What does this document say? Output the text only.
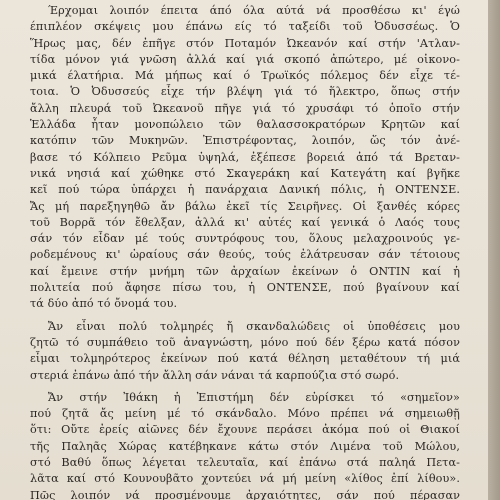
Έρχομαι λοιπόν έπειτα άπό όλα αύτά νά προσθέσω κι' έγώ
έπιπλέον σκέψεις μου έπάνω είς τό ταξείδι τοῦ Ὀδυσσέως. Ὁ
Ἥρως μας, δέν ἐπῆγε στόν Ποταμόν Ὠκεανόν καί στήν 'Ατλαν-
τίδα μόνον γιά γνῶση ἀλλά καί γιά σκοπό ἀπώτερο, μέ οἰκονο-
μικά έλατήρια. Μά μήπως καί ό Τρωϊκός πόλεμος δέν εἶχε τέ-
τοια. Ὁ Ὀδυσσεύς εἶχε τήν βλέψη γιά τό ἥλεκτρο, ὅπως στήν
ἄλλη πλευρά τοῦ Ὠκεανοῦ πῆγε γιά τό χρυσάφι τό ὁποῖο στήν
Ἑλλάδα ἦταν μονοπώλειο τῶν θαλασσοκρατόρων Κρητῶν καί
κατόπιν τῶν Μυκηνῶν. Ἐπιστρέφοντας, λοιπόν, ὥς τόν ἀνέ-
βασε τό Κόλπειο Ρεῦμα ὑψηλά, ἐξέπεσε βορειά ἀπό τά Βρεταν-
νικά νησιά καί χώθηκε στό Σκαγεράκη καί Κατεγάτη καί βγῆκε
κεῖ πού τώρα ὑπάρχει ἡ πανάρχαια Δανική πόλις, ἡ ΟΝΤΕΝΣΕ.
Ἄς μή παρεξηγηθῶ ἄν βάλω ἐκεῖ τίς Σειρῆνες. Οἱ ξανθές κόρες
τοῦ Βορρᾶ τόν ἔθελξαν, ἀλλά κι' αὐτές καί γενικά ὁ Λαός τους
σάν τόν εἶδαν μέ τούς συντρόφους του, ὅλους μελαχροινούς γε-
ροδεμένους κι' ὡραίους σάν θεούς, τούς ἐλάτρευσαν σάν τέτοιους
καί ἔμεινε στήν μνήμη τῶν ἀρχαίων ἐκείνων ὁ ΟΝΤΙΝ καί ἡ
πολιτεία πού ἄφησε πίσω του, ἡ ΟΝΤΕΝΣΕ, πού βγαίνουν καί
τά δύο ἀπό τό ὄνομά του.
Ἄν εἶναι πολύ τολμηρές ἤ σκανδαλώδεις οἱ ὑποθέσεις μου
ζητῶ τό συμπάθειο τοῦ ἀναγνώστη, μόνο πού δέν ξέρω κατά πόσον
εἶμαι τολμηρότερος ἐκείνων πού κατά θέληση μεταθέτουν τή μιά
στεριά ἐπάνω ἀπό τήν ἄλλη σάν νάναι τά καρπούζια στό σωρό.
Ἄν στήν Ἰθάκη ἡ Ἐπιστήμη δέν εὑρίσκει τό «σημεῖον»
πού ζητᾶ ἄς μείνη μέ τό σκάνδαλο. Μόνο πρέπει νά σημειωθῇ
ὅτι: Οὔτε ἐρείς αἰῶνες δέν ἔχουνε περάσει ἀκόμα πού οἱ Θιακοί
τῆς Παληᾶς Χώρας κατέβηκανε κάτω στόν Λιμένα τοῦ Μώλου,
στό Βαθύ ὅπως λέγεται τελευταῖα, καί ἐπάνω στά παληά Πετα-
λᾶτα καί στό Κουνουβᾶτο χοντεύει νά μή μείνη «λίθος ἐπί λίθου».
Πῶς λοιπόν νά προσμένουμε ἀρχαιότητες, σάν πού πέρασαν
